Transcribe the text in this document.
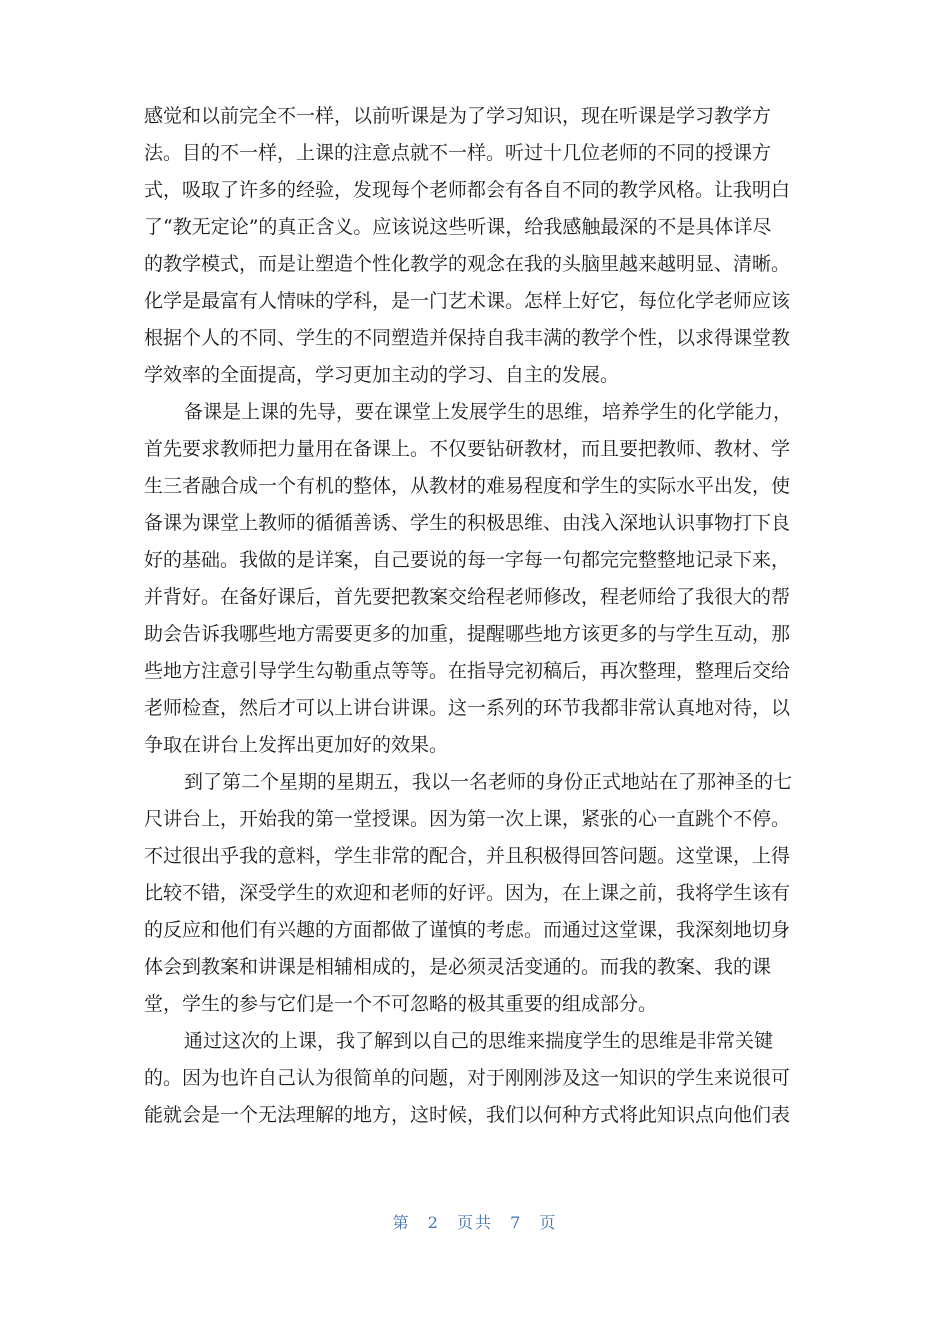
感觉和以前完全不一样，以前听课是为了学习知识，现在听课是学习教学方
法。目的不一样，上课的注意点就不一样。听过十几位老师的不同的授课方
式，吸取了许多的经验，发现每个老师都会有各自不同的教学风格。让我明白
了“教无定论”的真正含义。应该说这些听课，给我感触最深的不是具体详尽
的教学模式，而是让塑造个性化教学的观念在我的头脑里越来越明显、清晰。
化学是最富有人情味的学科，是一门艺术课。怎样上好它，每位化学老师应该
根据个人的不同、学生的不同塑造并保持自我丰满的教学个性，以求得课堂教
学效率的全面提高，学习更加主动的学习、自主的发展。
备课是上课的先导，要在课堂上发展学生的思维，培养学生的化学能力，
首先要求教师把力量用在备课上。不仅要钻研教材，而且要把教师、教材、学
生三者融合成一个有机的整体，从教材的难易程度和学生的实际水平出发，使
备课为课堂上教师的循循善诱、学生的积极思维、由浅入深地认识事物打下良
好的基础。我做的是详案，自己要说的每一字每一句都完完整整地记录下来，
并背好。在备好课后，首先要把教案交给程老师修改，程老师给了我很大的帮
助会告诉我哪些地方需要更多的加重，提醒哪些地方该更多的与学生互动，那
些地方注意引导学生勾勒重点等等。在指导完初稿后，再次整理，整理后交给
老师检查，然后才可以上讲台讲课。这一系列的环节我都非常认真地对待，以
争取在讲台上发挥出更加好的效果。
到了第二个星期的星期五，我以一名老师的身份正式地站在了那神圣的七
尺讲台上，开始我的第一堂授课。因为第一次上课，紧张的心一直跳个不停。
不过很出乎我的意料，学生非常的配合，并且积极得回答问题。这堂课，上得
比较不错，深受学生的欢迎和老师的好评。因为，在上课之前，我将学生该有
的反应和他们有兴趣的方面都做了谨慎的考虑。而通过这堂课，我深刻地切身
体会到教案和讲课是相辅相成的，是必须灵活变通的。而我的教案、我的课
堂，学生的参与它们是一个不可忽略的极其重要的组成部分。
通过这次的上课，我了解到以自己的思维来揣度学生的思维是非常关键
的。因为也许自己认为很简单的问题，对于刚刚涉及这一知识的学生来说很可
能就会是一个无法理解的地方，这时候，我们以何种方式将此知识点向他们表
第 2 页共 7 页
